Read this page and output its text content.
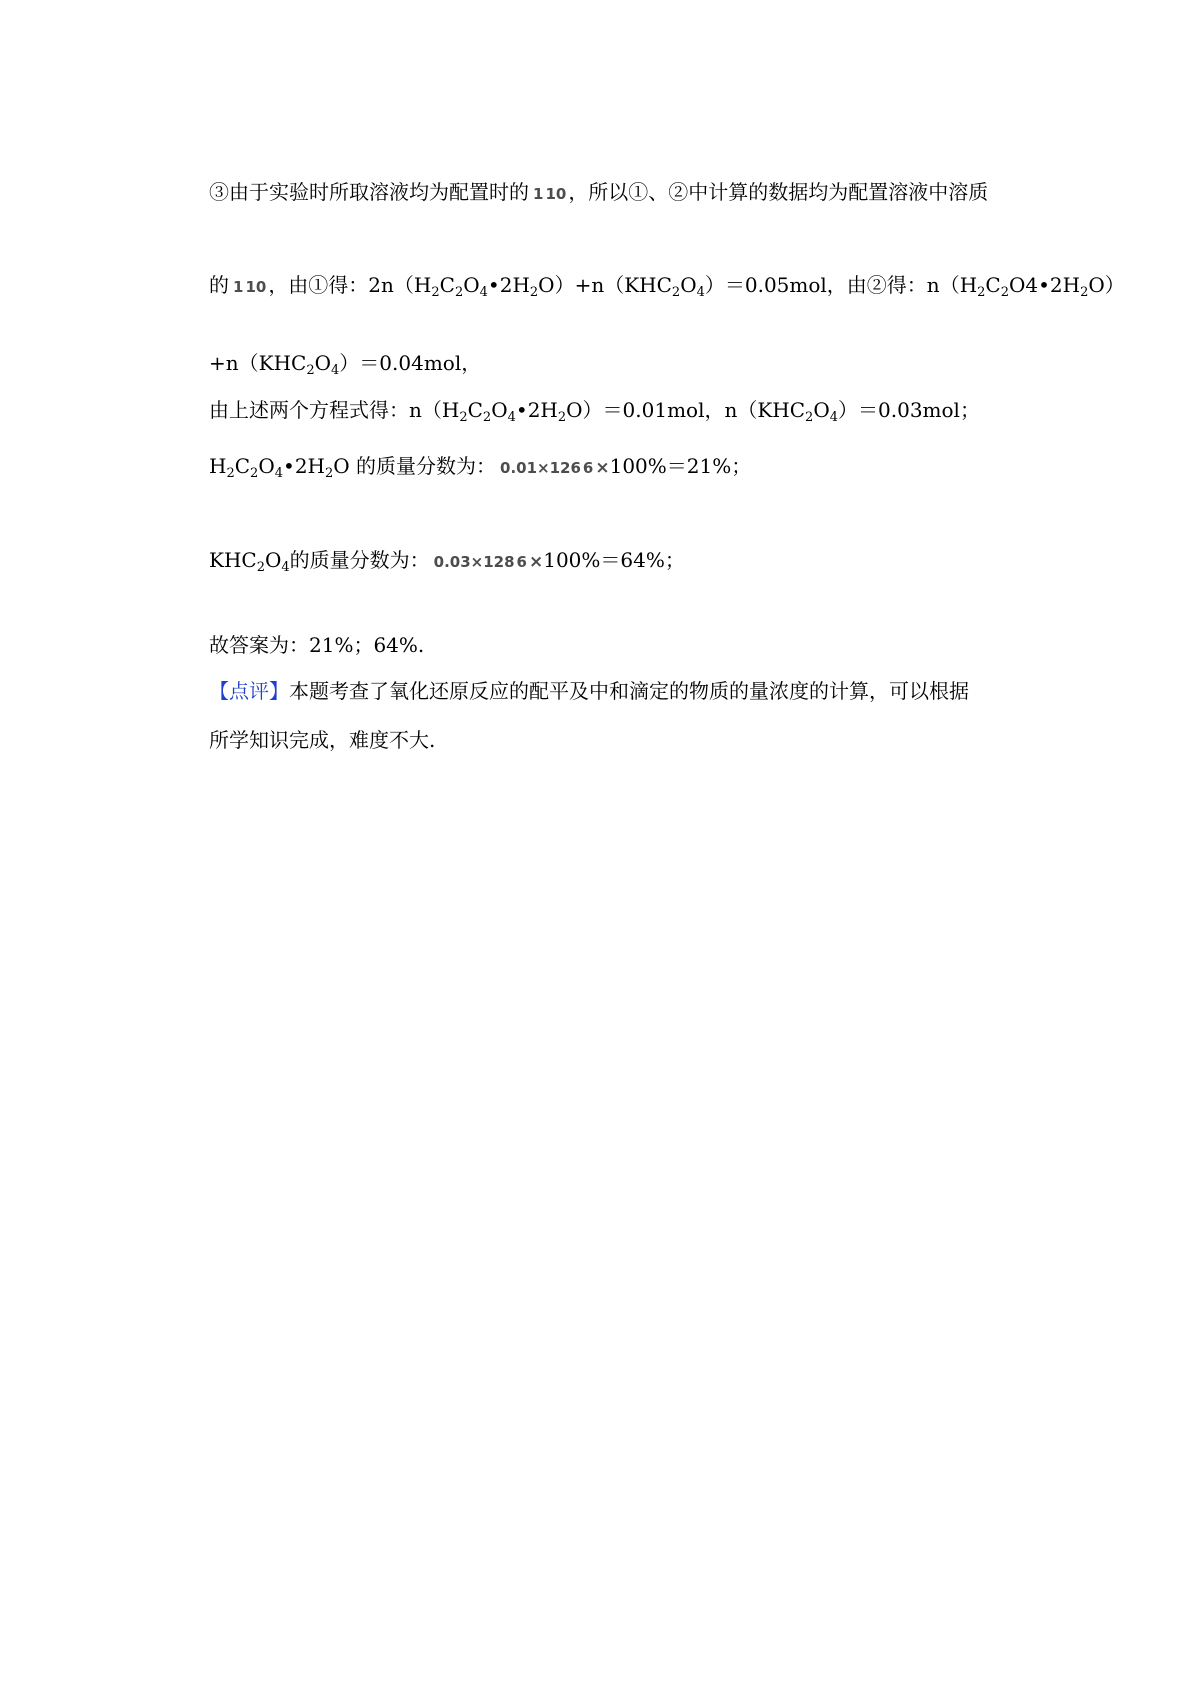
③由于实验时所取溶液均为配置时的 1 10 ，所以①、②中计算的数据均为配置溶液中溶质
的 1 10 ，由①得：$2n(H_2C_2O_4•2H_2O)+n(KHC_2O_4)=0.05mol$，由②得：$n(H_2C_2O4•2H_2O)$
$+n(KHC_2O_4)=0.04mol$，
由上述两个方程式得：$n(H_2C_2O_4•2H_2O)=0.01mol$，$n(KHC_2O_4)=0.03mol$；
$H_2C_2O_4•2H_2O$ 的质量分数为： 0.01×126 6 ×100%＝21%；
$KHC_2O_4$的质量分数为： 0.03×128 6 ×100%＝64%；
故答案为：21%；64%.
【点评】本题考查了氧化还原反应的配平及中和滴定的物质的量浓度的计算，可以根据
所学知识完成，难度不大.
